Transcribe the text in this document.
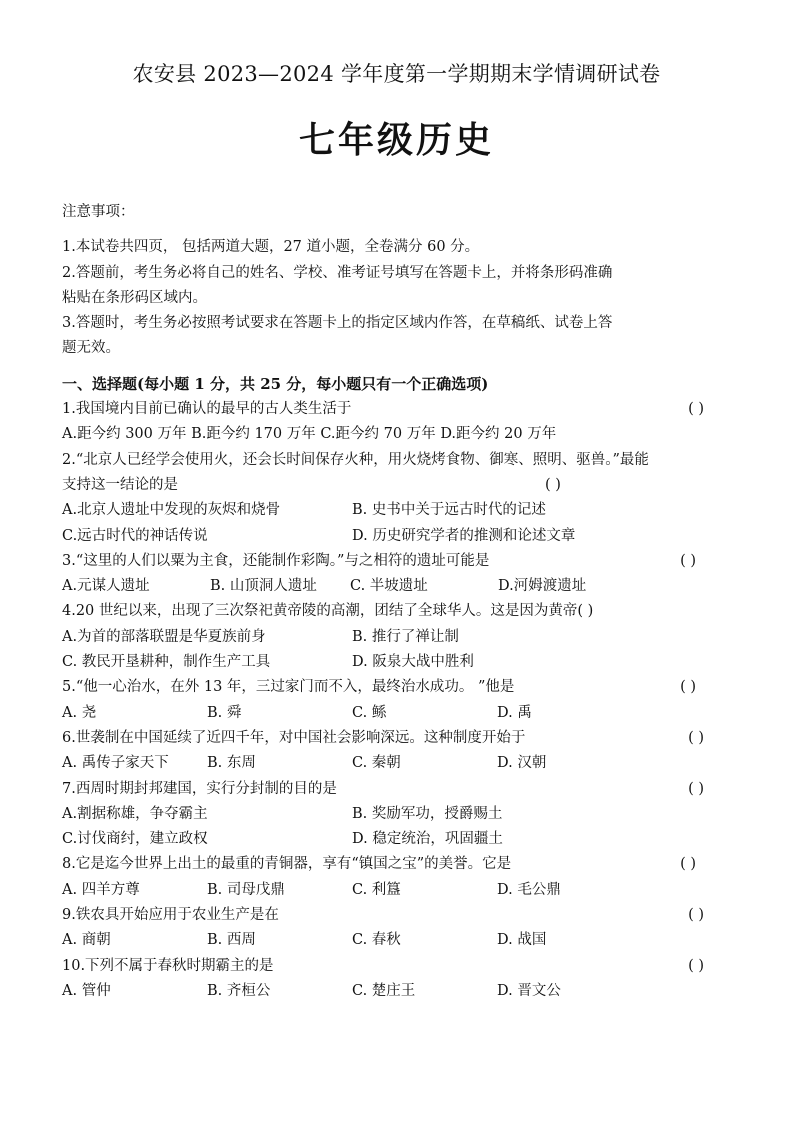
农安县 2023—2024 学年度第一学期期末学情调研试卷
七年级历史
注意事项：
1.本试卷共四页， 包括两道大题，27 道小题，全卷满分 60 分。
2.答题前，考生务必将自己的姓名、学校、准考证号填写在答题卡上，并将条形码准确
粘贴在条形码区域内。
3.答题时，考生务必按照考试要求在答题卡上的指定区域内作答，在草稿纸、试卷上答
题无效。
一、选择题(每小题 1 分，共 25 分，每小题只有一个正确选项)
1.我国境内目前已确认的最早的古人类生活于	( )
A.距今约 300 万年 B.距今约 170 万年 C.距今约 70 万年 D.距今约 20 万年
2.“北京人已经学会使用火，还会长时间保存火种，用火烧烤食物、御寒、照明、驱兽。”最能
支持这一结论的是	( )
A.北京人遗址中发现的灰烬和烧骨	B. 史书中关于远古时代的记述
C.远古时代的神话传说	D. 历史研究学者的推测和论述文章
3.“这里的人们以粟为主食，还能制作彩陶。”与之相符的遗址可能是	( )
A.元谋人遗址	B. 山顶洞人遗址	C. 半坡遗址	D.河姆渡遗址
4.20 世纪以来，出现了三次祭祀黄帝陵的高潮，团结了全球华人。这是因为黄帝( )
A.为首的部落联盟是华夏族前身	B. 推行了禅让制
C. 教民开垦耕种，制作生产工具	D. 阪泉大战中胜利
5.“他一心治水，在外 13 年，三过家门而不入，最终治水成功。 ”他是	( )
A. 尧	B. 舜	C. 鲧	D. 禹
6.世袭制在中国延续了近四千年，对中国社会影响深远。这种制度开始于	( )
A. 禹传子家天下	B. 东周	C. 秦朝	D. 汉朝
7.西周时期封邦建国，实行分封制的目的是	( )
A.割据称雄，争夺霸主	B. 奖励军功，授爵赐土
C.讨伐商纣，建立政权	D. 稳定统治，巩固疆土
8.它是迄今世界上出土的最重的青铜器，享有“镇国之宝”的美誉。它是	( )
A. 四羊方尊	B. 司母戊鼎	C. 利簋	D. 毛公鼎
9.铁农具开始应用于农业生产是在	( )
A. 商朝	B. 西周	C. 春秋	D. 战国
10.下列不属于春秋时期霸主的是	( )
A. 管仲	B. 齐桓公	C. 楚庄王	D. 晋文公
